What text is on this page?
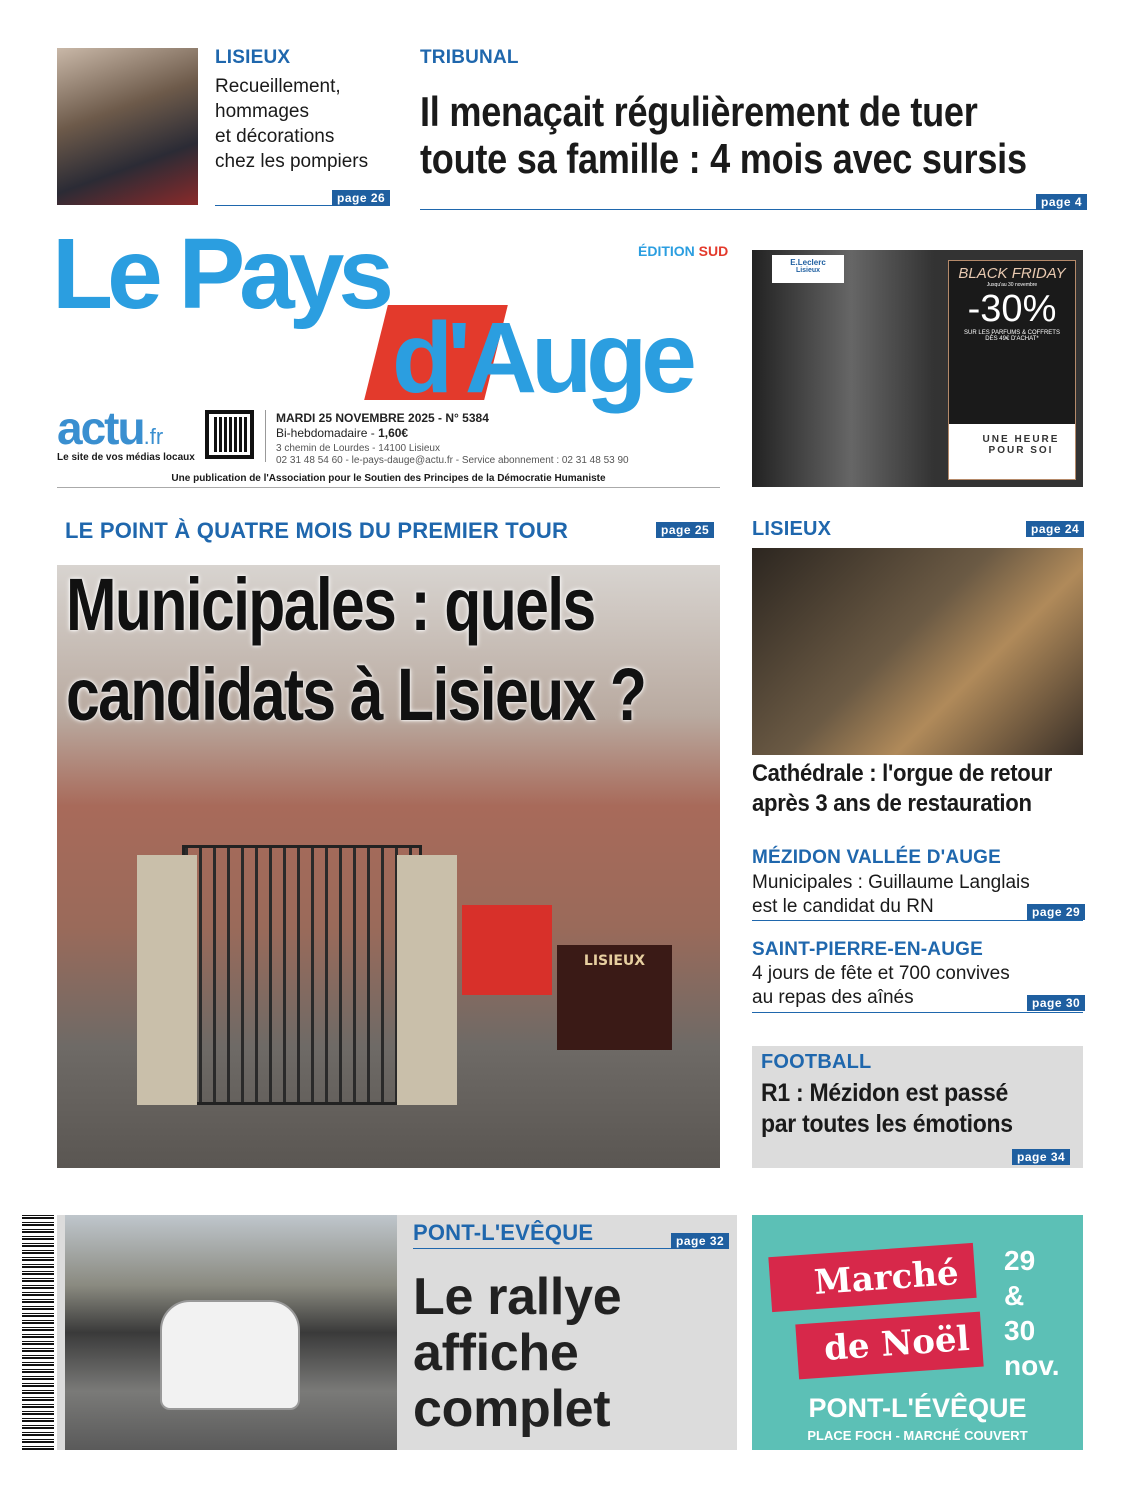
LISIEUX
Recueillement,
hommages
et décorations
chez les pompiers
page 26
TRIBUNAL
Il menaçait régulièrement de tuer
toute sa famille : 4 mois avec sursis
page 4
Le Pays
d'Auge
ÉDITION SUD
actu.fr
Le site de vos médias locaux
MARDI 25 NOVEMBRE 2025 - N° 5384
Bi-hebdomadaire - 1,60€
3 chemin de Lourdes - 14100 Lisieux
02 31 48 54 60 - le-pays-dauge@actu.fr - Service abonnement : 02 31 48 53 90
Une publication de l'Association pour le Soutien des Principes de la Démocratie Humaniste
E.Leclerc
Lisieux	BLACK FRIDAY
Jusqu'au 30 novembre
-30%
SUR LES PARFUMS & COFFRETS
DÈS 49€ D'ACHAT*
UNE HEURE
POUR SOI
LE POINT À QUATRE MOIS DU PREMIER TOUR	page 25
LISIEUX
Municipales : quels
candidats à Lisieux ?
LISIEUX	page 24
Cathédrale : l'orgue de retour
après 3 ans de restauration
MÉZIDON VALLÉE D'AUGE
Municipales : Guillaume Langlais
est le candidat du RN	page 29
SAINT-PIERRE-EN-AUGE
4 jours de fête et 700 convives
au repas des aînés	page 30
FOOTBALL
R1 : Mézidon est passé
par toutes les émotions
page 34
PONT-L'EVÊQUE	page 32
Le rallye
affiche
complet
Marché
de Noël
29
&
30
nov.
PONT-L'ÉVÊQUE
PLACE FOCH - MARCHÉ COUVERT
